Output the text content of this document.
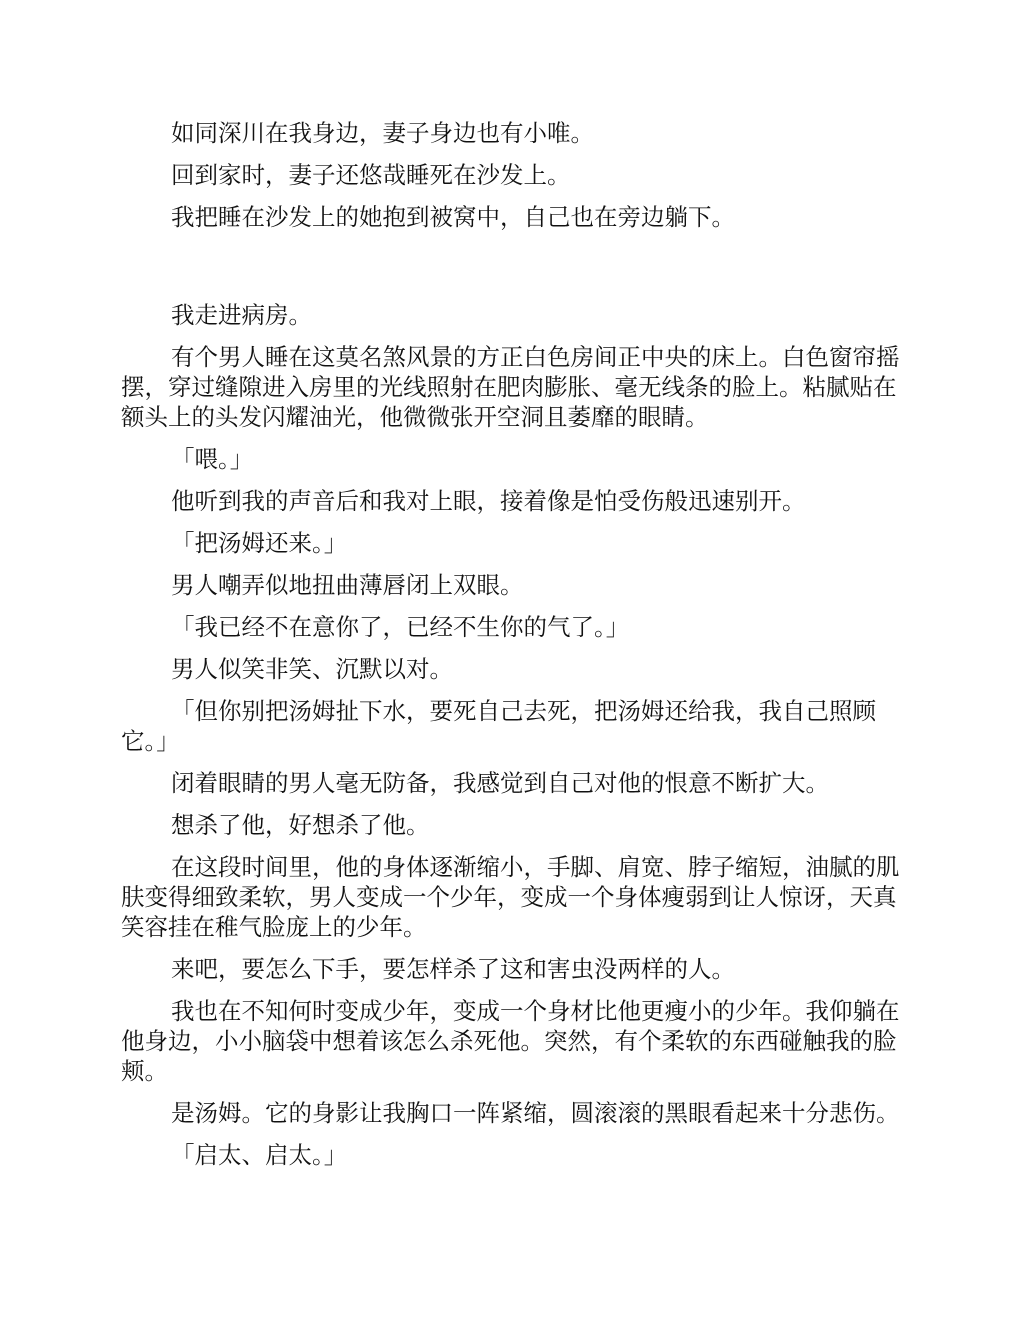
如同深川在我身边，妻子身边也有小唯。

回到家时，妻子还悠哉睡死在沙发上。

我把睡在沙发上的她抱到被窝中，自己也在旁边躺下。

我走进病房。

有个男人睡在这莫名煞风景的方正白色房间正中央的床上。白色窗帘摇摆，穿过缝隙进入房里的光线照射在肥肉膨胀、毫无线条的脸上。粘腻贴在额头上的头发闪耀油光，他微微张开空洞且萎靡的眼睛。

「喂。」

他听到我的声音后和我对上眼，接着像是怕受伤般迅速别开。

「把汤姆还来。」

男人嘲弄似地扭曲薄唇闭上双眼。

「我已经不在意你了，已经不生你的气了。」

男人似笑非笑、沉默以对。

「但你别把汤姆扯下水，要死自己去死，把汤姆还给我，我自己照顾它。」

闭着眼睛的男人毫无防备，我感觉到自己对他的恨意不断扩大。

想杀了他，好想杀了他。

在这段时间里，他的身体逐渐缩小，手脚、肩宽、脖子缩短，油腻的肌肤变得细致柔软，男人变成一个少年，变成一个身体瘦弱到让人惊讶，天真笑容挂在稚气脸庞上的少年。

来吧，要怎么下手，要怎样杀了这和害虫没两样的人。

我也在不知何时变成少年，变成一个身材比他更瘦小的少年。我仰躺在他身边，小小脑袋中想着该怎么杀死他。突然，有个柔软的东西碰触我的脸颊。

是汤姆。它的身影让我胸口一阵紧缩，圆滚滚的黑眼看起来十分悲伤。

「启太、启太。」
